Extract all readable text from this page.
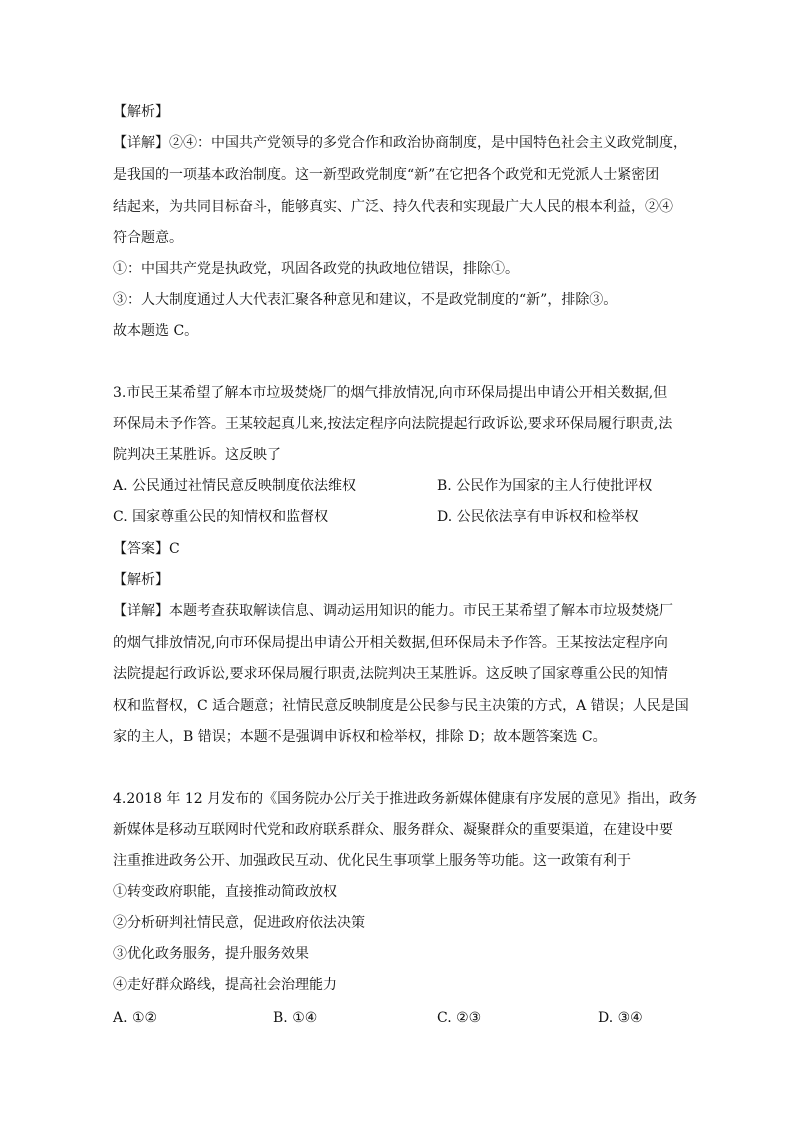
【解析】
【详解】②④：中国共产党领导的多党合作和政治协商制度，是中国特色社会主义政党制度，
是我国的一项基本政治制度。这一新型政党制度“新”在它把各个政党和无党派人士紧密团
结起来，为共同目标奋斗，能够真实、广泛、持久代表和实现最广大人民的根本利益，②④
符合题意。
①：中国共产党是执政党，巩固各政党的执政地位错误，排除①。
③：人大制度通过人大代表汇聚各种意见和建议，不是政党制度的“新”，排除③。
故本题选 C。
3.市民王某希望了解本市垃圾焚烧厂的烟气排放情况,向市环保局提出申请公开相关数据,但
环保局未予作答。王某较起真儿来,按法定程序向法院提起行政诉讼,要求环保局履行职责,法
院判决王某胜诉。这反映了
A. 公民通过社情民意反映制度依法维权	B. 公民作为国家的主人行使批评权
C. 国家尊重公民的知情权和监督权	D. 公民依法享有申诉权和检举权
【答案】C
【解析】
【详解】本题考查获取解读信息、调动运用知识的能力。市民王某希望了解本市垃圾焚烧厂
的烟气排放情况,向市环保局提出申请公开相关数据,但环保局未予作答。王某按法定程序向
法院提起行政诉讼,要求环保局履行职责,法院判决王某胜诉。这反映了国家尊重公民的知情
权和监督权，C 适合题意；社情民意反映制度是公民参与民主决策的方式，A 错误；人民是国
家的主人，B 错误；本题不是强调申诉权和检举权，排除 D；故本题答案选 C。
4.2018 年 12 月发布的《国务院办公厅关于推进政务新媒体健康有序发展的意见》指出，政务
新媒体是移动互联网时代党和政府联系群众、服务群众、凝聚群众的重要渠道，在建设中要
注重推进政务公开、加强政民互动、优化民生事项掌上服务等功能。这一政策有利于
①转变政府职能，直接推动简政放权
②分析研判社情民意，促进政府依法决策
③优化政务服务，提升服务效果
④走好群众路线，提高社会治理能力
A. ①②	B. ①④	C. ②③	D. ③④
